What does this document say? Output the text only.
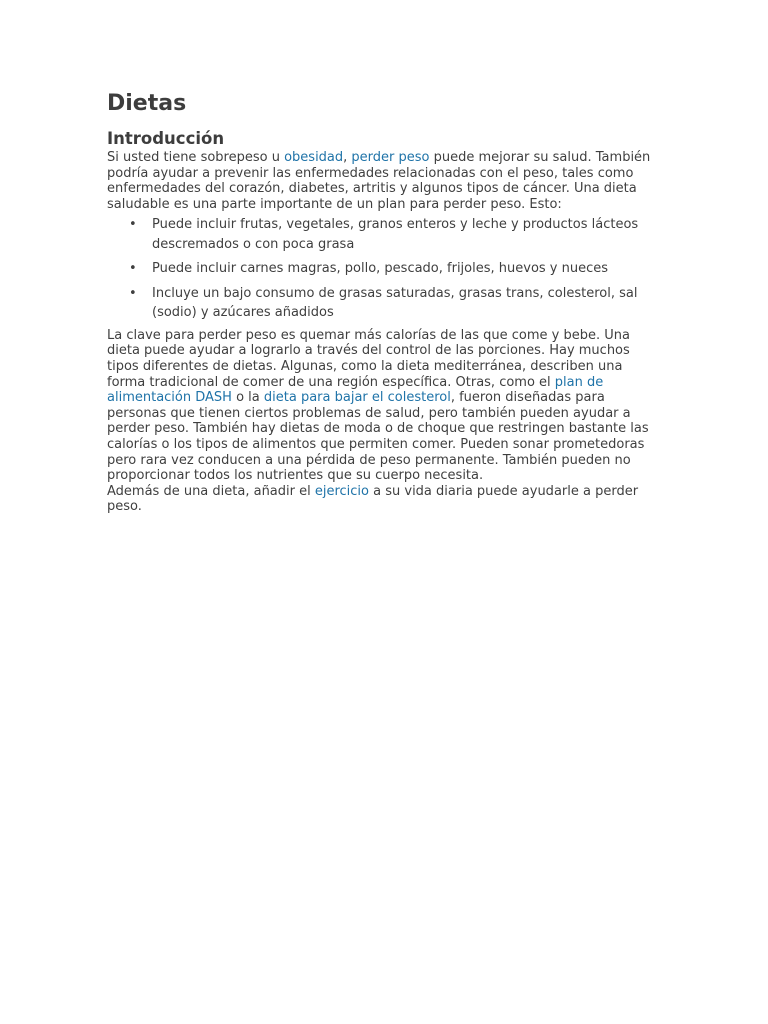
Dietas
Introducción

Si usted tiene sobrepeso u obesidad, perder peso puede mejorar su salud. También podría ayudar a prevenir las enfermedades relacionadas con el peso, tales como enfermedades del corazón, diabetes, artritis y algunos tipos de cáncer. Una dieta saludable es una parte importante de un plan para perder peso. Esto:

• Puede incluir frutas, vegetales, granos enteros y leche y productos lácteos descremados o con poca grasa
• Puede incluir carnes magras, pollo, pescado, frijoles, huevos y nueces
• Incluye un bajo consumo de grasas saturadas, grasas trans, colesterol, sal (sodio) y azúcares añadidos

La clave para perder peso es quemar más calorías de las que come y bebe. Una dieta puede ayudar a lograrlo a través del control de las porciones. Hay muchos tipos diferentes de dietas. Algunas, como la dieta mediterránea, describen una forma tradicional de comer de una región específica. Otras, como el plan de alimentación DASH o la dieta para bajar el colesterol, fueron diseñadas para personas que tienen ciertos problemas de salud, pero también pueden ayudar a perder peso. También hay dietas de moda o de choque que restringen bastante las calorías o los tipos de alimentos que permiten comer. Pueden sonar prometedoras pero rara vez conducen a una pérdida de peso permanente. También pueden no proporcionar todos los nutrientes que su cuerpo necesita.

Además de una dieta, añadir el ejercicio a su vida diaria puede ayudarle a perder peso.
